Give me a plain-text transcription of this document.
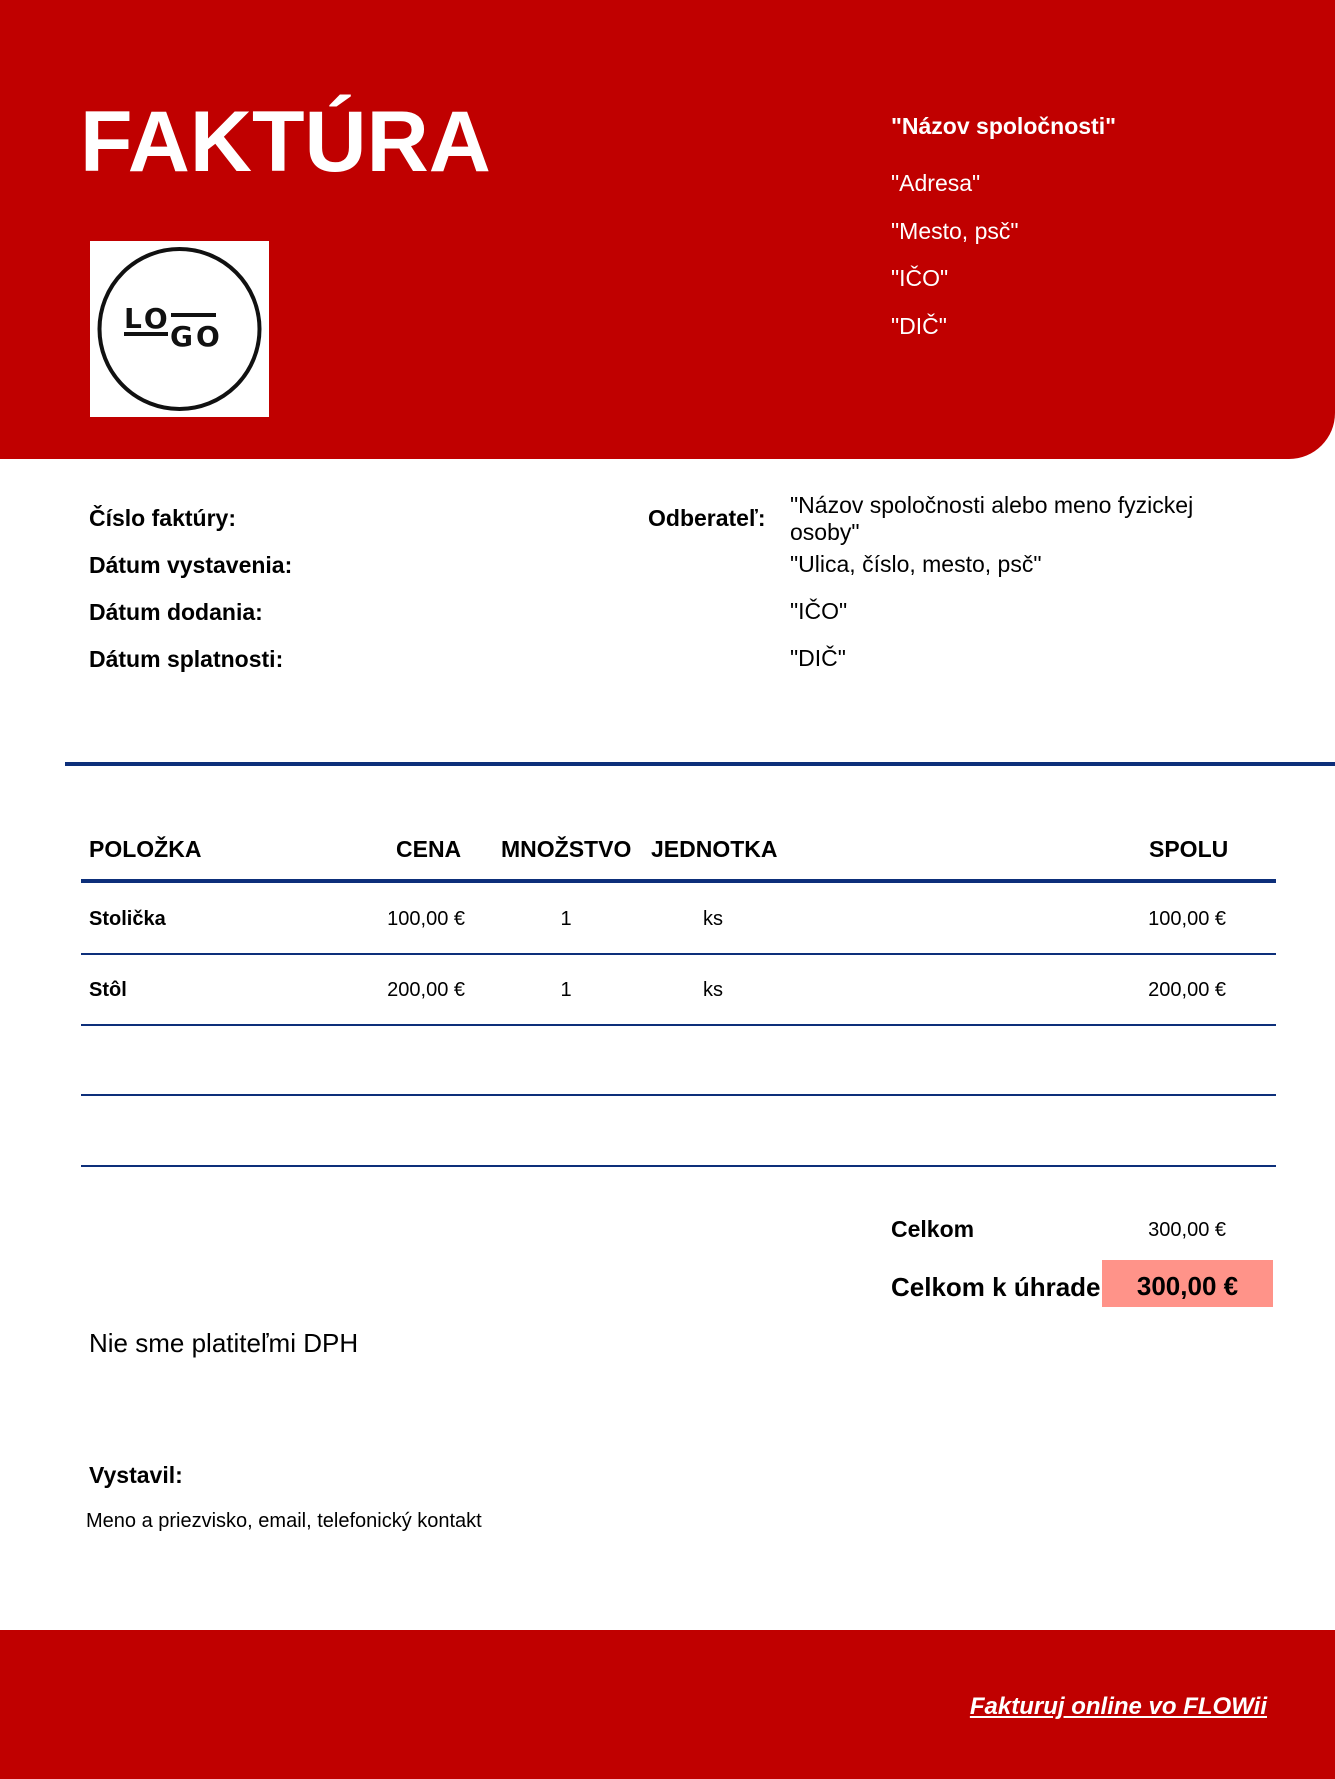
FAKTÚRA
LO
GO
"Názov spoločnosti"
"Adresa"
"Mesto, psč"
"IČO"
"DIČ"
Číslo faktúry:
Dátum vystavenia:
Dátum dodania:
Dátum splatnosti:
Odberateľ: "Názov spoločnosti alebo meno fyzickej
osoby"
"Ulica, číslo, mesto, psč"
"IČO"
"DIČ"
POLOŽKA	CENA MNOŽSTVO JEDNOTKA	SPOLU
Stolička	100,00 €	1	ks	100,00 €
Stôl	200,00 €	1	ks	200,00 €
Celkom	300,00 €
Celkom k úhrade	300,00 €
Nie sme platiteľmi DPH
Vystavil:
Meno a priezvisko, email, telefonický kontakt
Fakturuj online vo FLOWii
